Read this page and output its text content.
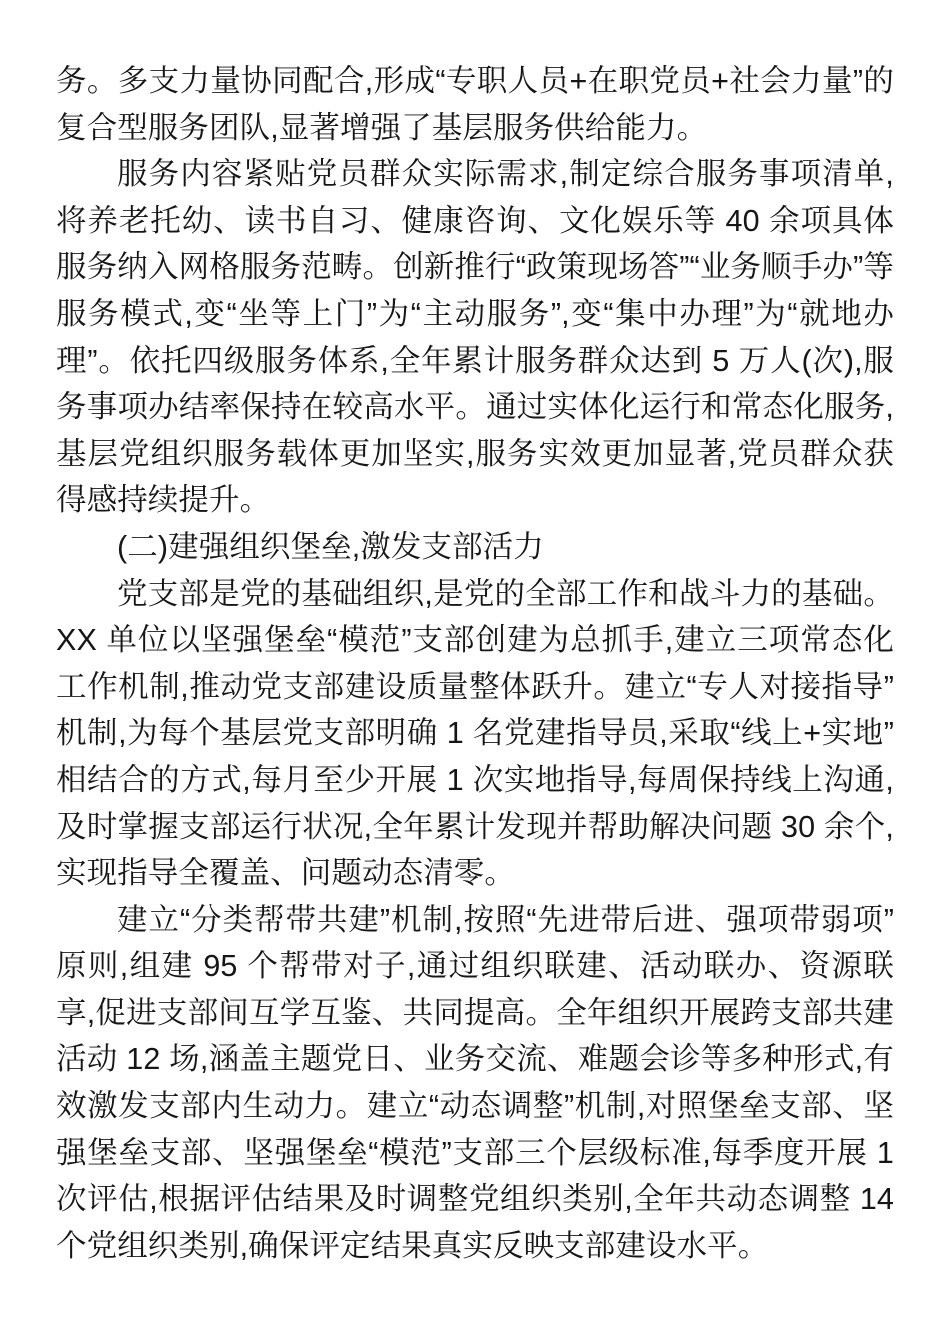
务。多支力量协同配合,形成“专职人员+在职党员+社会力量”的复合型服务团队,显著增强了基层服务供给能力。

服务内容紧贴党员群众实际需求,制定综合服务事项清单,将养老托幼、读书自习、健康咨询、文化娱乐等 40 余项具体服务纳入网格服务范畴。创新推行“政策现场答”“业务顺手办”等服务模式,变“坐等上门”为“主动服务”,变“集中办理”为“就地办理”。依托四级服务体系,全年累计服务群众达到 5 万人(次),服务事项办结率保持在较高水平。通过实体化运行和常态化服务,基层党组织服务载体更加坚实,服务实效更加显著,党员群众获得感持续提升。

(二)建强组织堡垒,激发支部活力

党支部是党的基础组织,是党的全部工作和战斗力的基础。XX 单位以坚强堡垒“模范”支部创建为总抓手,建立三项常态化工作机制,推动党支部建设质量整体跃升。建立“专人对接指导”机制,为每个基层党支部明确 1 名党建指导员,采取“线上+实地”相结合的方式,每月至少开展 1 次实地指导,每周保持线上沟通,及时掌握支部运行状况,全年累计发现并帮助解决问题 30 余个,实现指导全覆盖、问题动态清零。

建立“分类帮带共建”机制,按照“先进带后进、强项带弱项”原则,组建 95 个帮带对子,通过组织联建、活动联办、资源联享,促进支部间互学互鉴、共同提高。全年组织开展跨支部共建活动 12 场,涵盖主题党日、业务交流、难题会诊等多种形式,有效激发支部内生动力。建立“动态调整”机制,对照堡垒支部、坚强堡垒支部、坚强堡垒“模范”支部三个层级标准,每季度开展 1 次评估,根据评估结果及时调整党组织类别,全年共动态调整 14 个党组织类别,确保评定结果真实反映支部建设水平。
